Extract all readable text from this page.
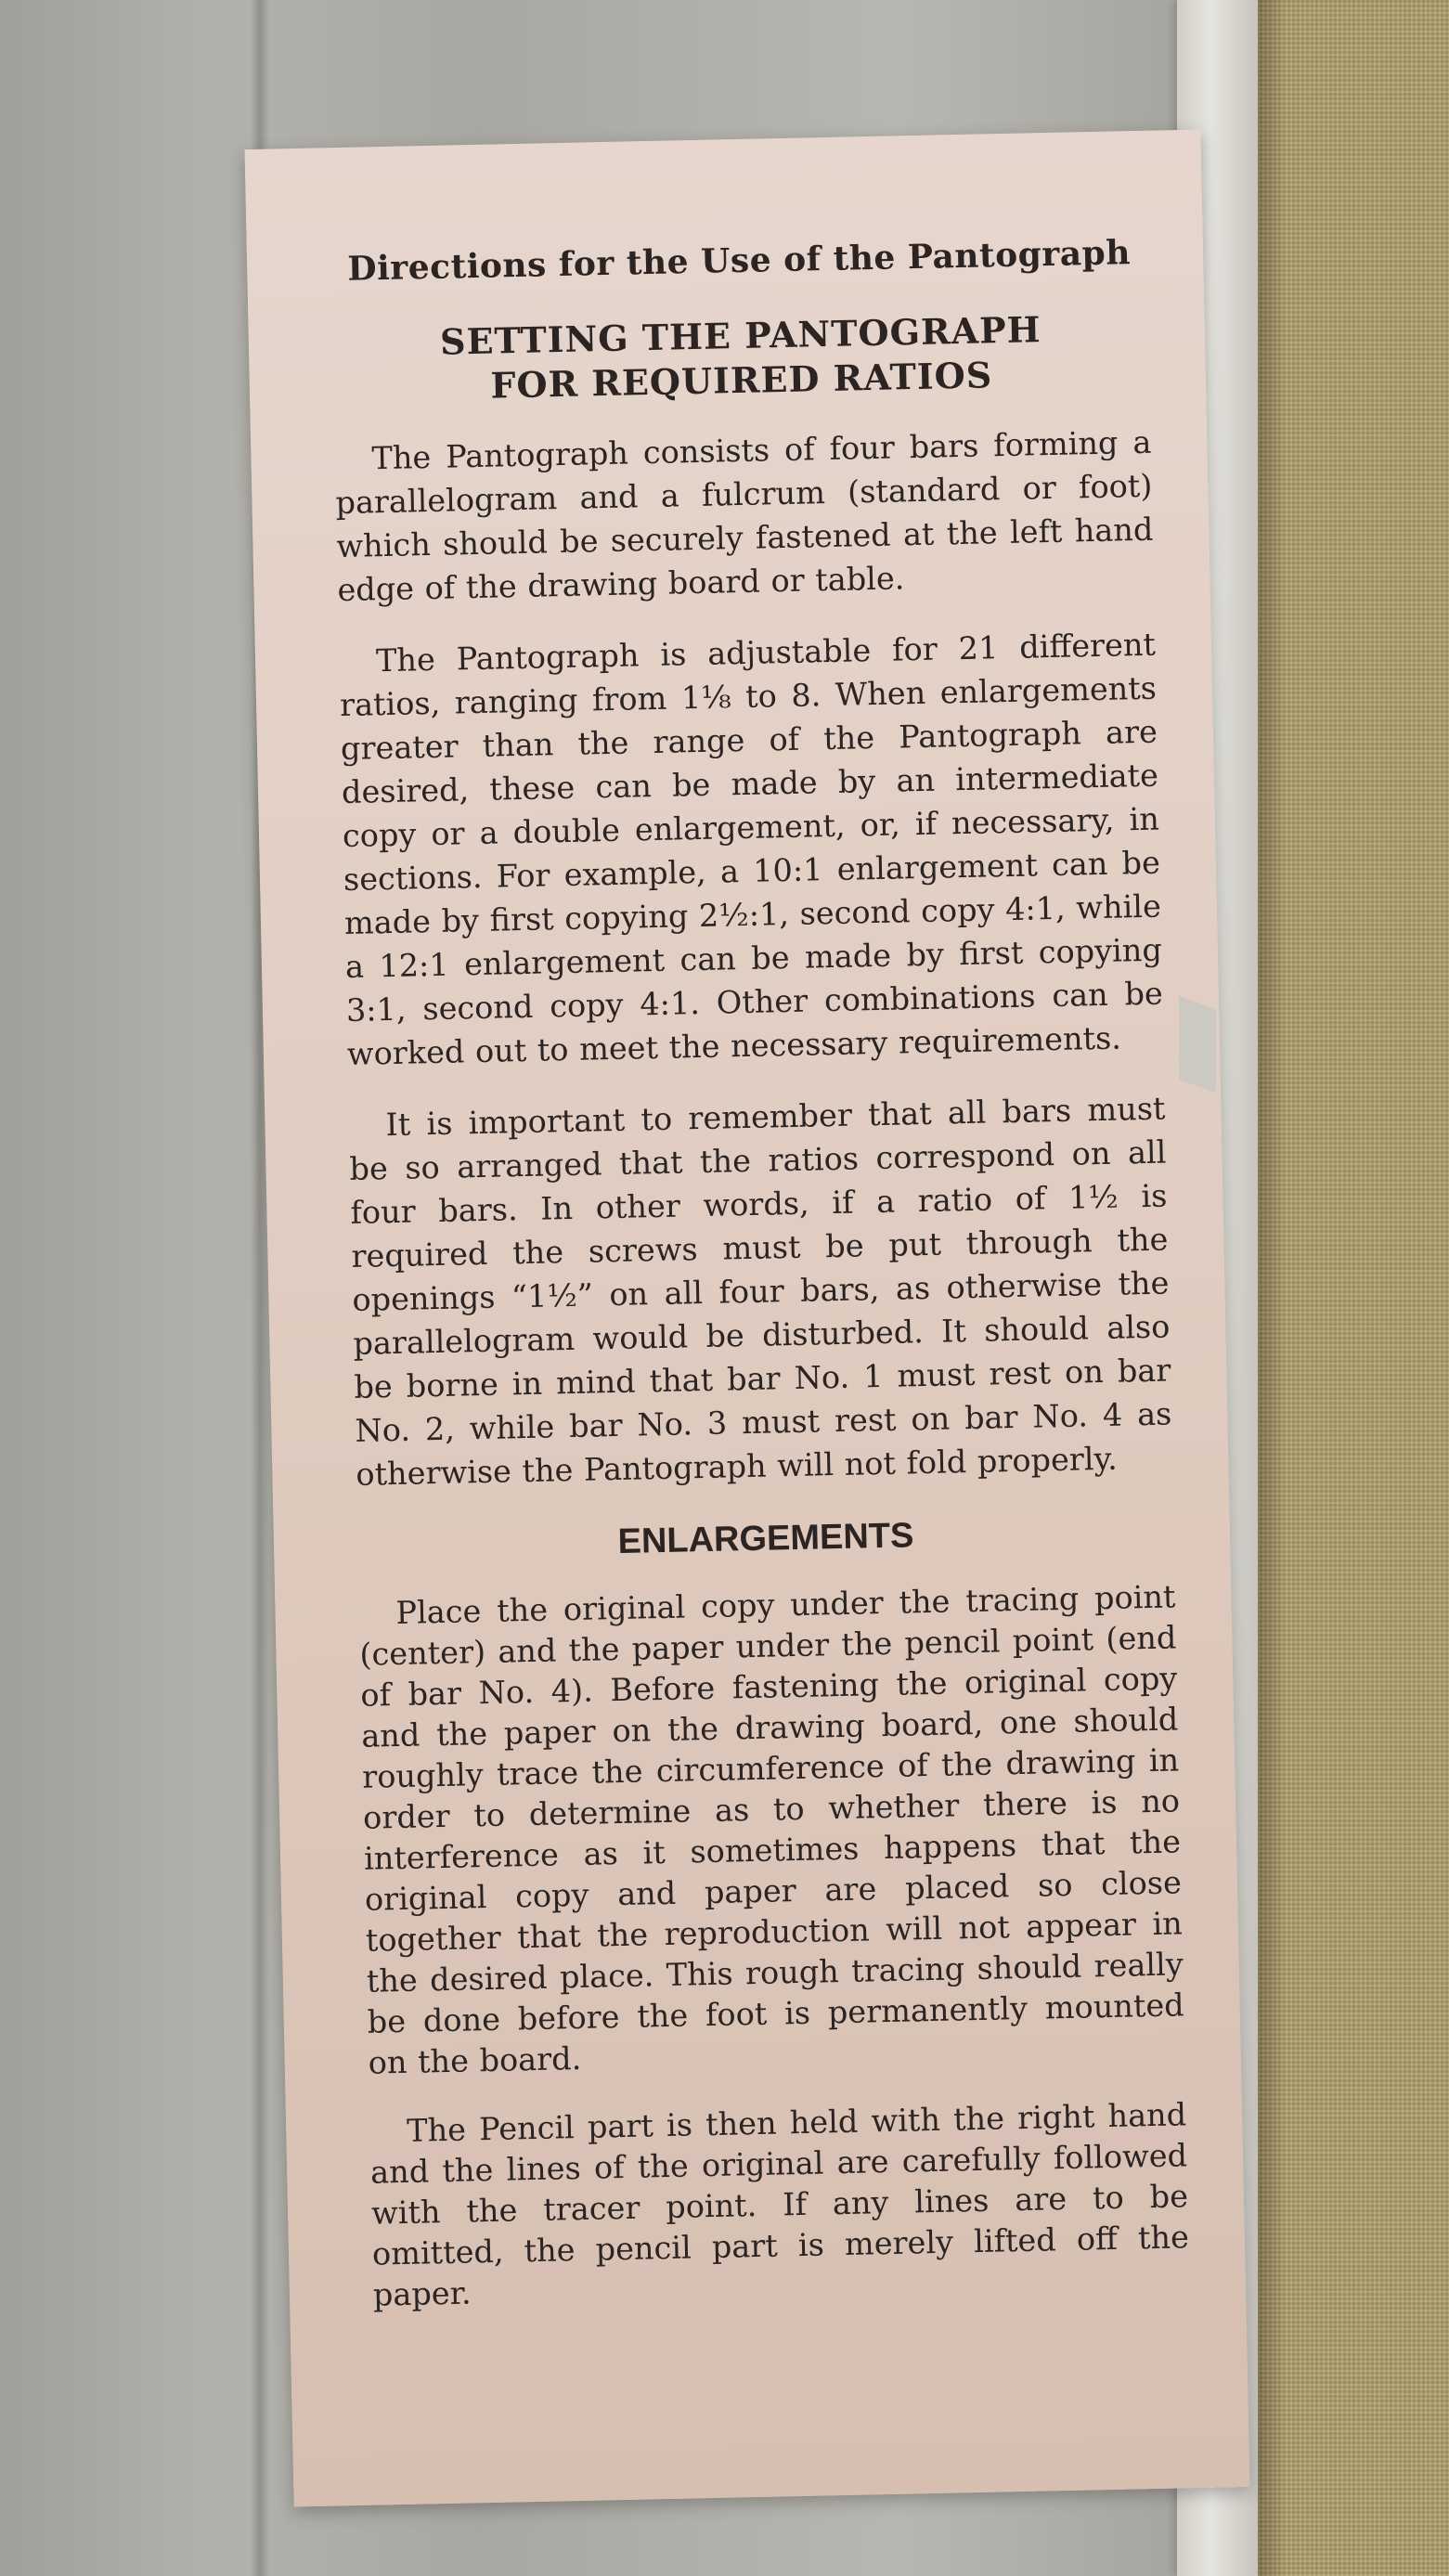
Directions for the Use of the Pantograph
SETTING THE PANTOGRAPH
FOR REQUIRED RATIOS

The Pantograph consists of four bars forming a parallelogram and a fulcrum (standard or foot) which should be securely fastened at the left hand edge of the drawing board or table.

The Pantograph is adjustable for 21 different ratios, ranging from 1⅛ to 8. When enlargements greater than the range of the Pantograph are desired, these can be made by an intermediate copy or a double enlargement, or, if necessary, in sections. For example, a 10:1 enlargement can be made by first copying 2½:1, second copy 4:1, while a 12:1 enlargement can be made by first copying 3:1, second copy 4:1. Other combinations can be worked out to meet the necessary requirements.

It is important to remember that all bars must be so arranged that the ratios correspond on all four bars. In other words, if a ratio of 1½ is required the screws must be put through the openings “1½” on all four bars, as otherwise the parallelogram would be disturbed. It should also be borne in mind that bar No. 1 must rest on bar No. 2, while bar No. 3 must rest on bar No. 4 as otherwise the Pantograph will not fold properly.

ENLARGEMENTS

Place the original copy under the tracing point (center) and the paper under the pencil point (end of bar No. 4). Before fastening the original copy and the paper on the drawing board, one should roughly trace the circumference of the drawing in order to determine as to whether there is no interference as it sometimes happens that the original copy and paper are placed so close together that the reproduction will not appear in the desired place. This rough tracing should really be done before the foot is permanently mounted on the board.

The Pencil part is then held with the right hand and the lines of the original are carefully followed with the tracer point. If any lines are to be omitted, the pencil part is merely lifted off the paper.
